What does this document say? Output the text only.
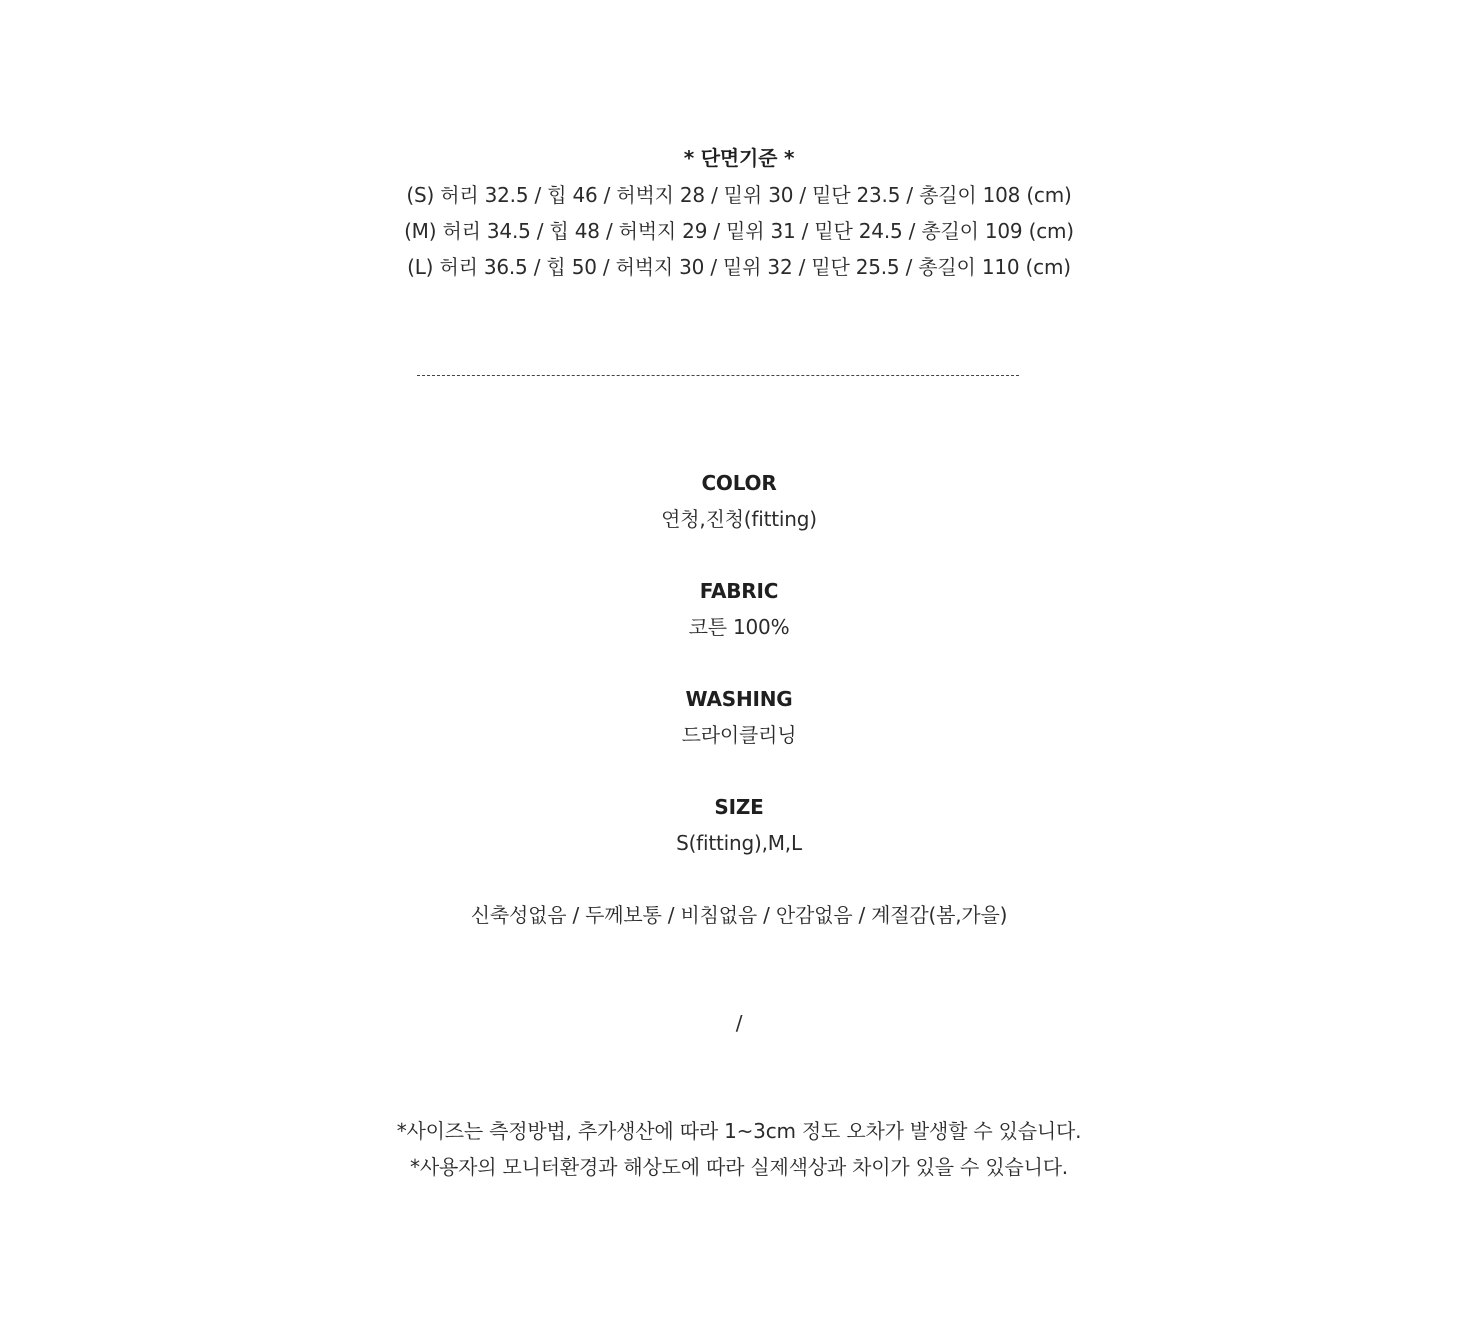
* 단면기준 *
(S) 허리 32.5 / 힙 46 / 허벅지 28 / 밑위 30 / 밑단 23.5 / 총길이 108 (cm)
(M) 허리 34.5 / 힙 48 / 허벅지 29 / 밑위 31 / 밑단 24.5 / 총길이 109 (cm)
(L) 허리 36.5 / 힙 50 / 허벅지 30 / 밑위 32 / 밑단 25.5 / 총길이 110 (cm)
COLOR
연청,진청(fitting)
FABRIC
코튼 100%
WASHING
드라이클리닝
SIZE
S(fitting),M,L
신축성없음 / 두께보통 / 비침없음 / 안감없음 / 계절감(봄,가을)
/
*사이즈는 측정방법, 추가생산에 따라 1~3cm 정도 오차가 발생할 수 있습니다.
*사용자의 모니터환경과 해상도에 따라 실제색상과 차이가 있을 수 있습니다.
